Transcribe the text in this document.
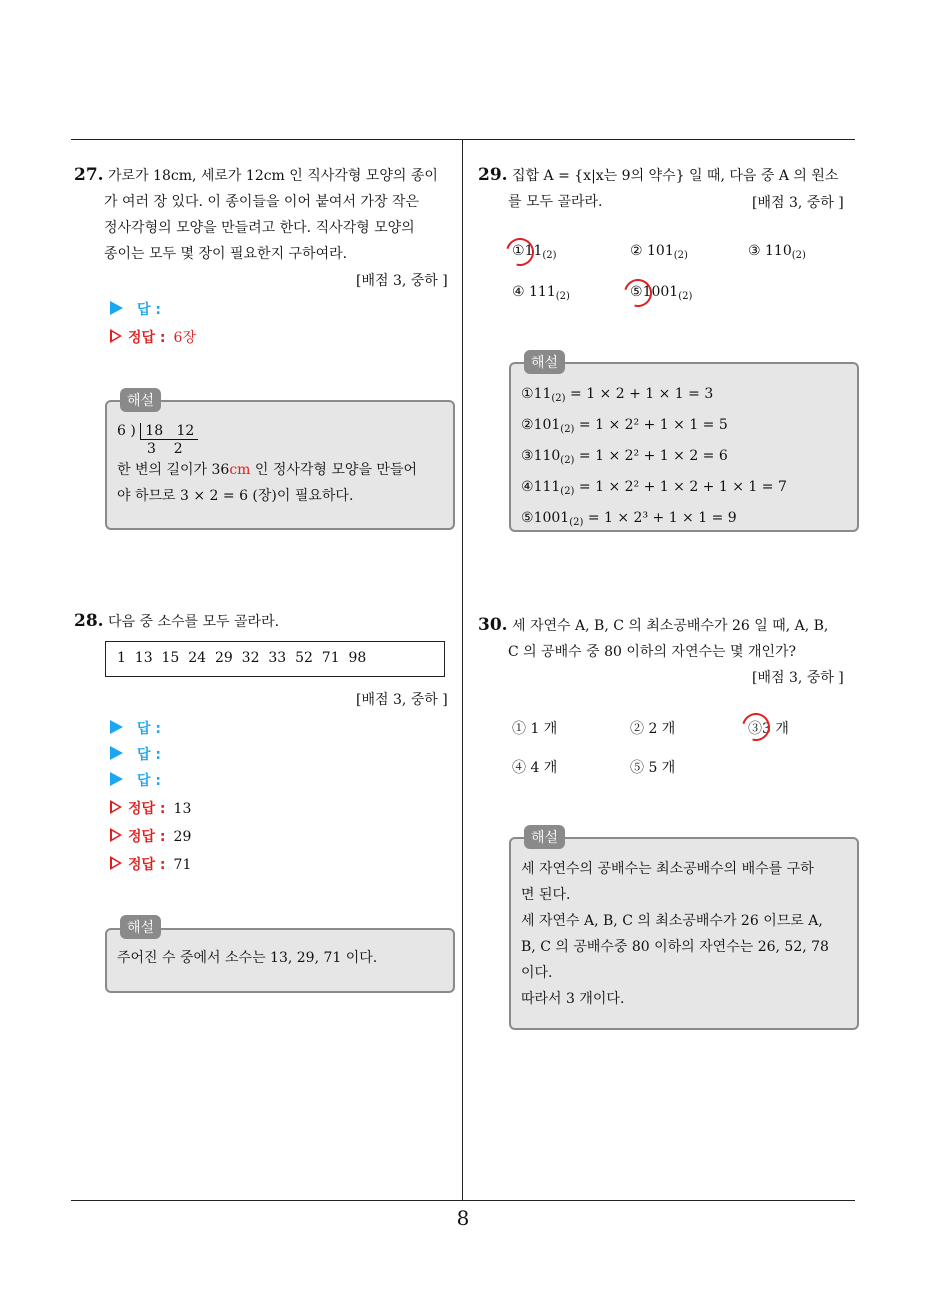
27. 가로가 18cm, 세로가 12cm 인 직사각형 모양의 종이
가 여러 장 있다. 이 종이들을 이어 붙여서 가장 작은
정사각형의 모양을 만들려고 한다. 직사각형 모양의
종이는 모두 몇 장이 필요한지 구하여라.
[배점 3, 중하 ]
답 :
정답 : 6장
해설
6 ) 18   12
3    2
한 변의 길이가 36cm 인 정사각형 모양을 만들어
야 하므로 3 × 2 = 6 (장)이 필요하다.
28. 다음 중 소수를 모두 골라라.
1  13  15  24  29  32  33  52  71  98
[배점 3, 중하 ]
답 :
답 :
답 :
정답 : 13
정답 : 29
정답 : 71
해설
주어진 수 중에서 소수는 13, 29, 71 이다.
29. 집합 A = {x|x는 9의 약수} 일 때, 다음 중 A 의 원소
를 모두 골라라.	[배점 3, 중하 ]
$①11_{(2)}$	② $101_{(2)}$	③ $110_{(2)}$
④ $111_{(2)}$	$⑤1001_{(2)}$
해설
$①11_{(2)} = 1 \times 2 + 1 \times 1 = 3$
$②101_{(2)} = 1 \times 2^2 + 1 \times 1 = 5$
$③110_{(2)} = 1 \times 2^2 + 1 \times 2 = 6$
$④111_{(2)} = 1 \times 2^2 + 1 \times 2 + 1 \times 1 = 7$
$⑤1001_{(2)} = 1 \times 2^3 + 1 \times 1 = 9$
30. 세 자연수 A, B, C 의 최소공배수가 26 일 때, A, B,
C 의 공배수 중 80 이하의 자연수는 몇 개인가?
[배점 3, 중하 ]
① 1 개	② 2 개	③3 개
④ 4 개	⑤ 5 개
해설
세 자연수의 공배수는 최소공배수의 배수를 구하
면 된다.
세 자연수 A, B, C 의 최소공배수가 26 이므로 A,
B, C 의 공배수중 80 이하의 자연수는 26, 52, 78
이다.
따라서 3 개이다.
8
